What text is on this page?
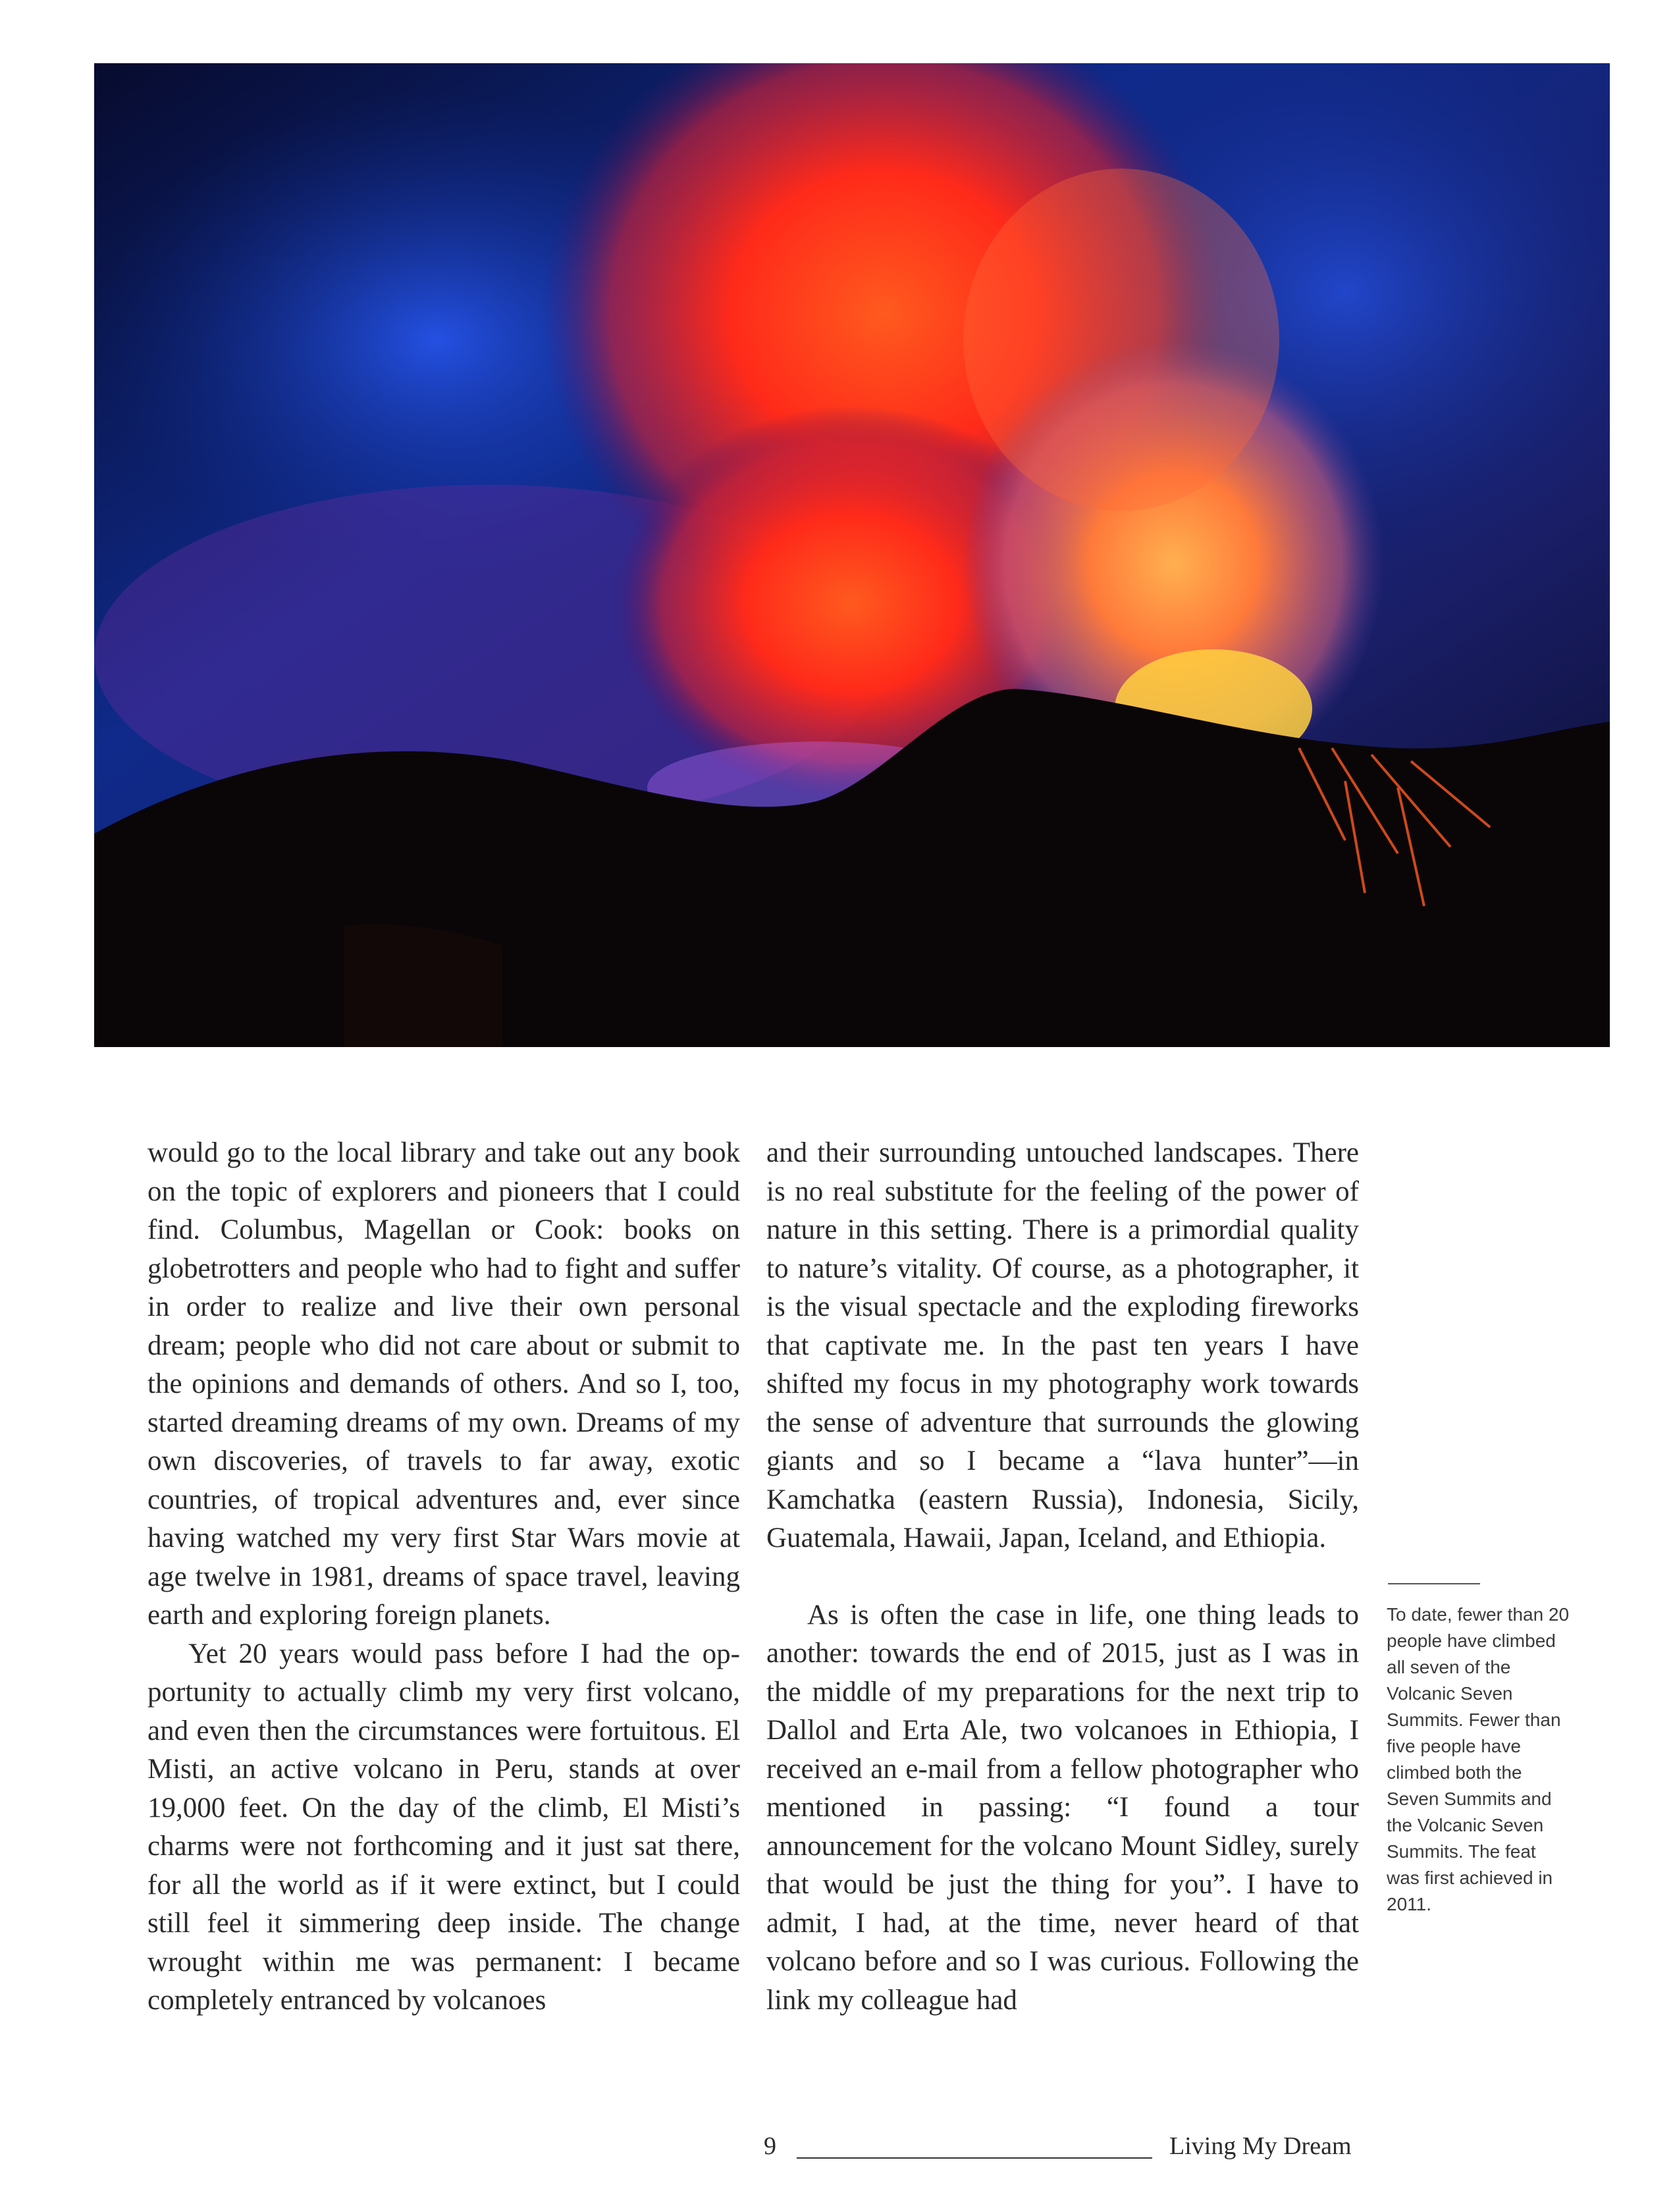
would go to the local library and take out any book on the topic of explorers and pioneers that I could find. Columbus, Magellan or Cook: books on globetrotters and people who had to fight and suffer in order to realize and live their own personal dream; people who did not care about or submit to the opinions and demands of others. And so I, too, started dreaming dreams of my own. Dreams of my own discoveries, of travels to far away, exotic countries, of tropical adventures and, ever since having watched my very first Star Wars movie at age twelve in 1981, dreams of space travel, leaving earth and exploring foreign planets.

Yet 20 years would pass before I had the opportunity to actually climb my very first volcano, and even then the circumstances were fortuitous. El Misti, an active volcano in Peru, stands at over 19,000 feet. On the day of the climb, El Misti’s charms were not forthcoming and it just sat there, for all the world as if it were extinct, but I could still feel it simmering deep inside. The change wrought within me was permanent: I became completely entranced by volcanoes

and their surrounding untouched landscapes. There is no real substitute for the feeling of the power of nature in this setting. There is a primordial quality to nature’s vitality. Of course, as a photographer, it is the visual spectacle and the exploding fireworks that captivate me. In the past ten years I have shifted my focus in my photography work towards the sense of adventure that surrounds the glowing giants and so I became a “lava hunter”—in Kamchatka (eastern Russia), Indonesia, Sicily, Guatemala, Hawaii, Japan, Iceland, and Ethiopia.

As is often the case in life, one thing leads to another: towards the end of 2015, just as I was in the middle of my preparations for the next trip to Dallol and Erta Ale, two volcanoes in Ethiopia, I received an e-mail from a fellow photographer who mentioned in passing: “I found a tour announcement for the volcano Mount Sidley, surely that would be just the thing for you”. I have to admit, I had, at the time, never heard of that volcano before and so I was curious. Following the link my colleague had

To date, fewer than 20 people have climbed all seven of the Volcanic Seven Summits. Fewer than five people have climbed both the Seven Summits and the Volcanic Seven Summits. The feat was first achieved in 2011.
9	Living My Dream
